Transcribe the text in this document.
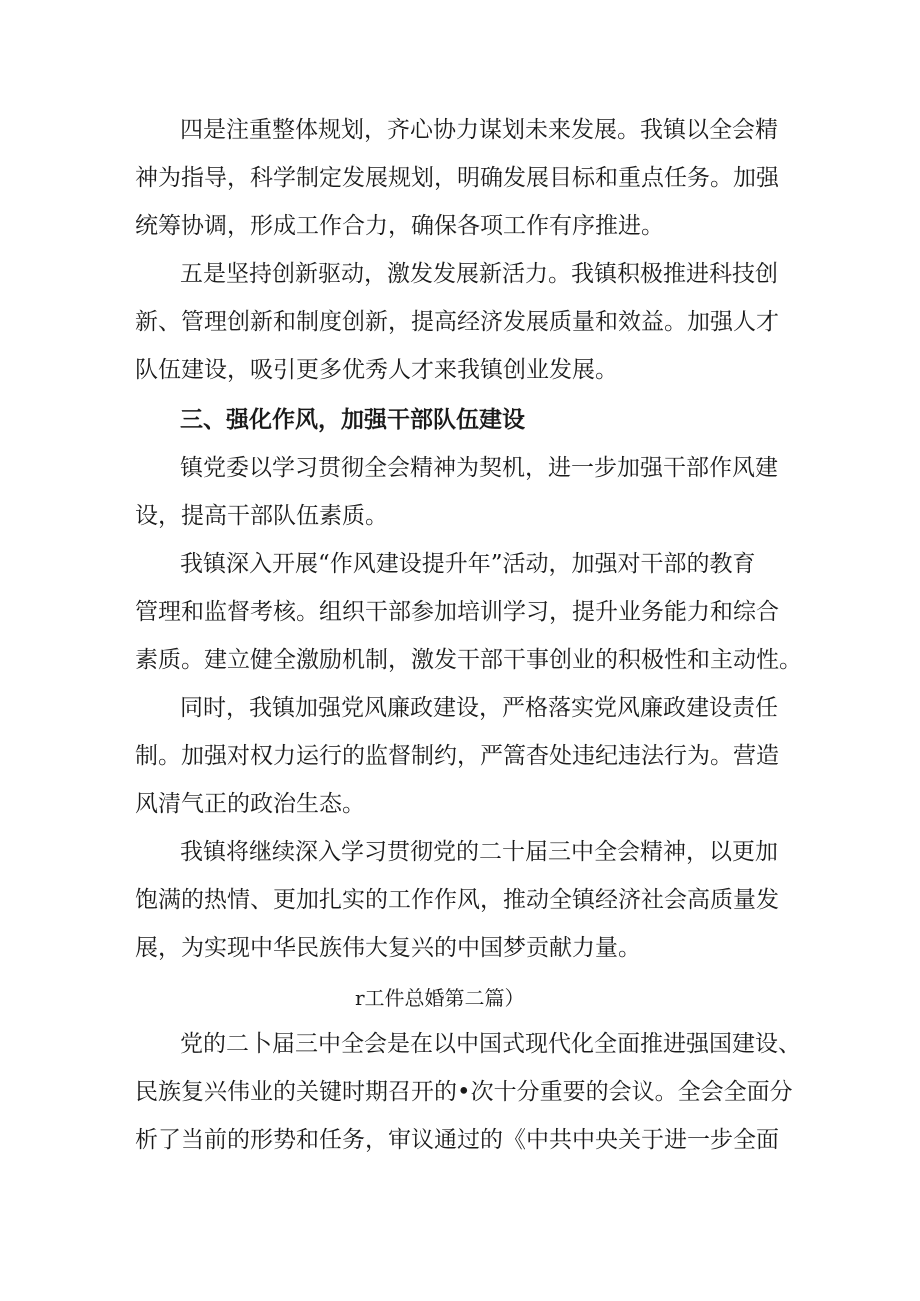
四是注重整体规划，齐心协力谋划未来发展。我镇以全会精
神为指导，科学制定发展规划，明确发展目标和重点任务。加强
统筹协调，形成工作合力，确保各项工作有序推进。
五是坚持创新驱动，激发发展新活力。我镇积极推进科技创
新、管理创新和制度创新，提高经济发展质量和效益。加强人才
队伍建设，吸引更多优秀人才来我镇创业发展。
三、强化作风，加强干部队伍建设
镇党委以学习贯彻全会精神为契机，进一步加强干部作风建
设，提高干部队伍素质。
我镇深入开展“作风建设提升年”活动，加强对干部的教育
管理和监督考核。组织干部参加培训学习，提升业务能力和综合
素质。建立健全激励机制，激发干部干事创业的积极性和主动性。
同时，我镇加强党风廉政建设，严格落实党风廉政建设责任
制。加强对权力运行的监督制约，严篙杳处违纪违法行为。营造
风清气正的政治生态。
我镇将继续深入学习贯彻党的二十届三中全会精神，以更加
饱满的热情、更加扎实的工作作风，推动全镇经济社会高质量发
展，为实现中华民族伟大复兴的中国梦贡献力量。
r工件总婚第二篇）
党的二卜届三中全会是在以中国式现代化全面推进强国建设、
民族复兴伟业的关键时期召开的•次十分重要的会议。全会全面分
析了当前的形势和任务，审议通过的《中共中央关于进一步全面
